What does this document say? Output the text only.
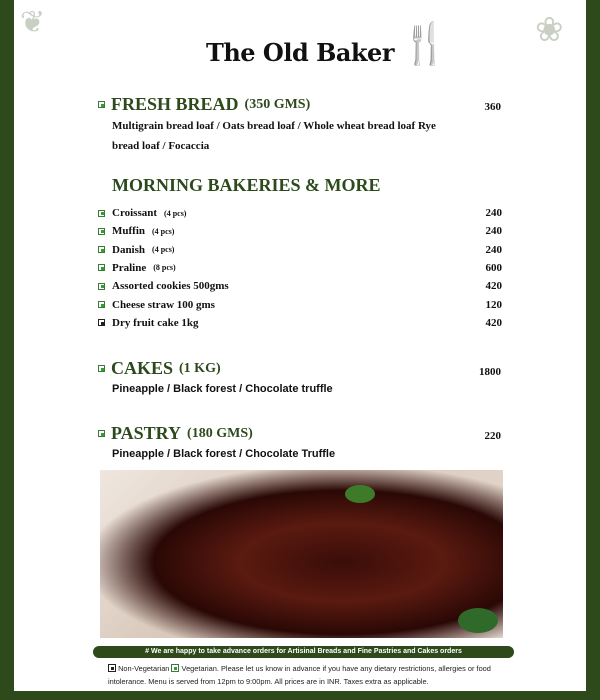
🍴	❀
❦
The Old Baker
FRESH BREAD (350 GMS)	360
Multigrain bread loaf / Oats bread loaf / Whole wheat bread loaf Rye
bread loaf / Focaccia
MORNING BAKERIES & MORE
Croissant (4 pcs)	240
Muffin (4 pcs)	240
Danish (4 pcs)	240
Praline (8 pcs)	600
Assorted cookies 500gms	420
Cheese straw 100 gms	120
Dry fruit cake 1kg	420
CAKES (1 KG)	1800
Pineapple / Black forest / Chocolate truffle
PASTRY (180 GMS)	220
Pineapple / Black forest / Chocolate Truffle
# We are happy to take advance orders for Artisinal Breads and Fine Pastries and Cakes orders
Non-Vegetarian Vegetarian. Please let us know in advance if you have any dietary restrictions, allergies or food intolerance. Menu is served from 12pm to 9:00pm. All prices are in INR. Taxes extra as applicable.
